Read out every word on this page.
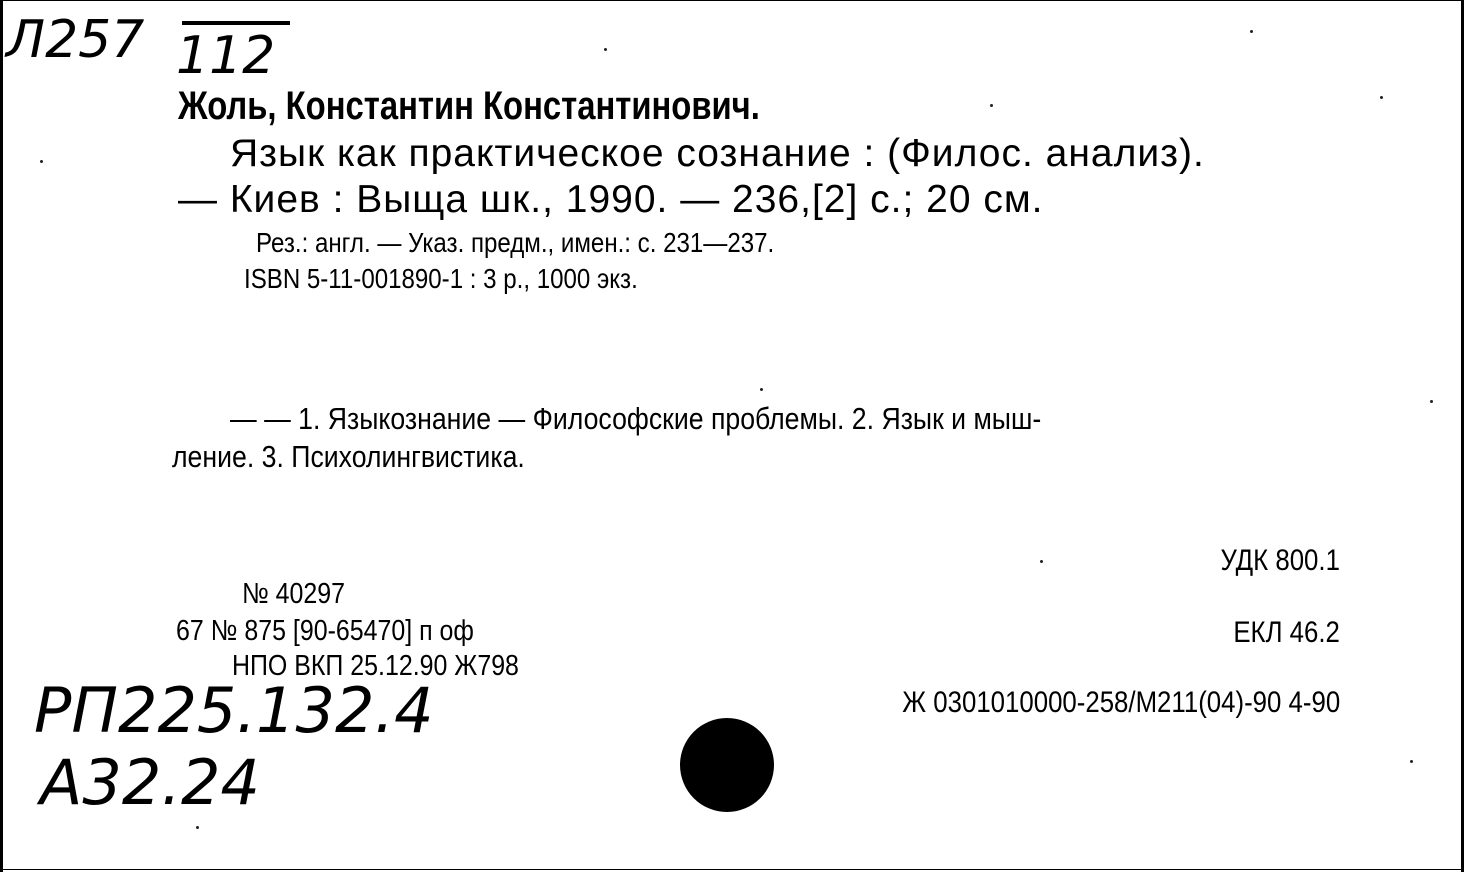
Л257 112
Жоль, Константин Константинович.
Язык как практическое сознание : (Филос. анализ).
— Киев : Выща шк., 1990. — 236,[2] с.; 20 см.
Рез.: англ. — Указ. предм., имен.: с. 231—237.
ISBN 5-11-001890-1 : 3 р., 1000 экз.
— — 1. Языкознание — Философские проблемы. 2. Язык и мыш-
ление. 3. Психолингвистика.
№ 40297
67 № 875 [90-65470] п оф
НПО ВКП 25.12.90 Ж798
УДК 800.1
ЕКЛ 46.2
Ж 0301010000-258/М211(04)-90 4-90
РП225.132.4
А32.24
